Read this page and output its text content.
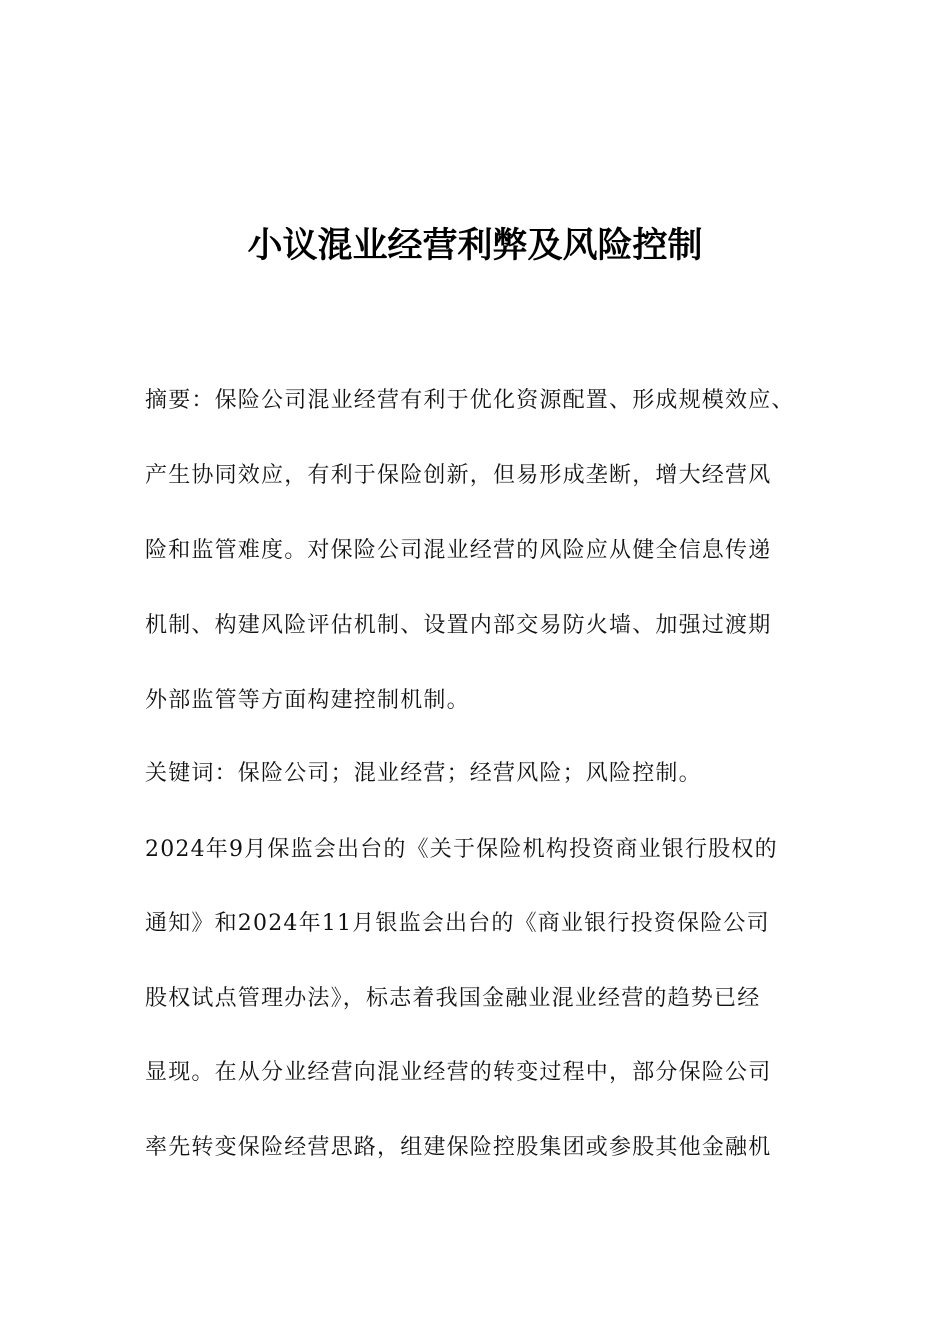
小议混业经营利弊及风险控制
摘要：保险公司混业经营有利于优化资源配置、形成规模效应、
产生协同效应，有利于保险创新，但易形成垄断，增大经营风
险和监管难度。对保险公司混业经营的风险应从健全信息传递
机制、构建风险评估机制、设置内部交易防火墙、加强过渡期
外部监管等方面构建控制机制。
关键词：保险公司；混业经营；经营风险；风险控制。
2024年9月保监会出台的《关于保险机构投资商业银行股权的
通知》和2024年11月银监会出台的《商业银行投资保险公司
股权试点管理办法》，标志着我国金融业混业经营的趋势已经
显现。在从分业经营向混业经营的转变过程中，部分保险公司
率先转变保险经营思路，组建保险控股集团或参股其他金融机
